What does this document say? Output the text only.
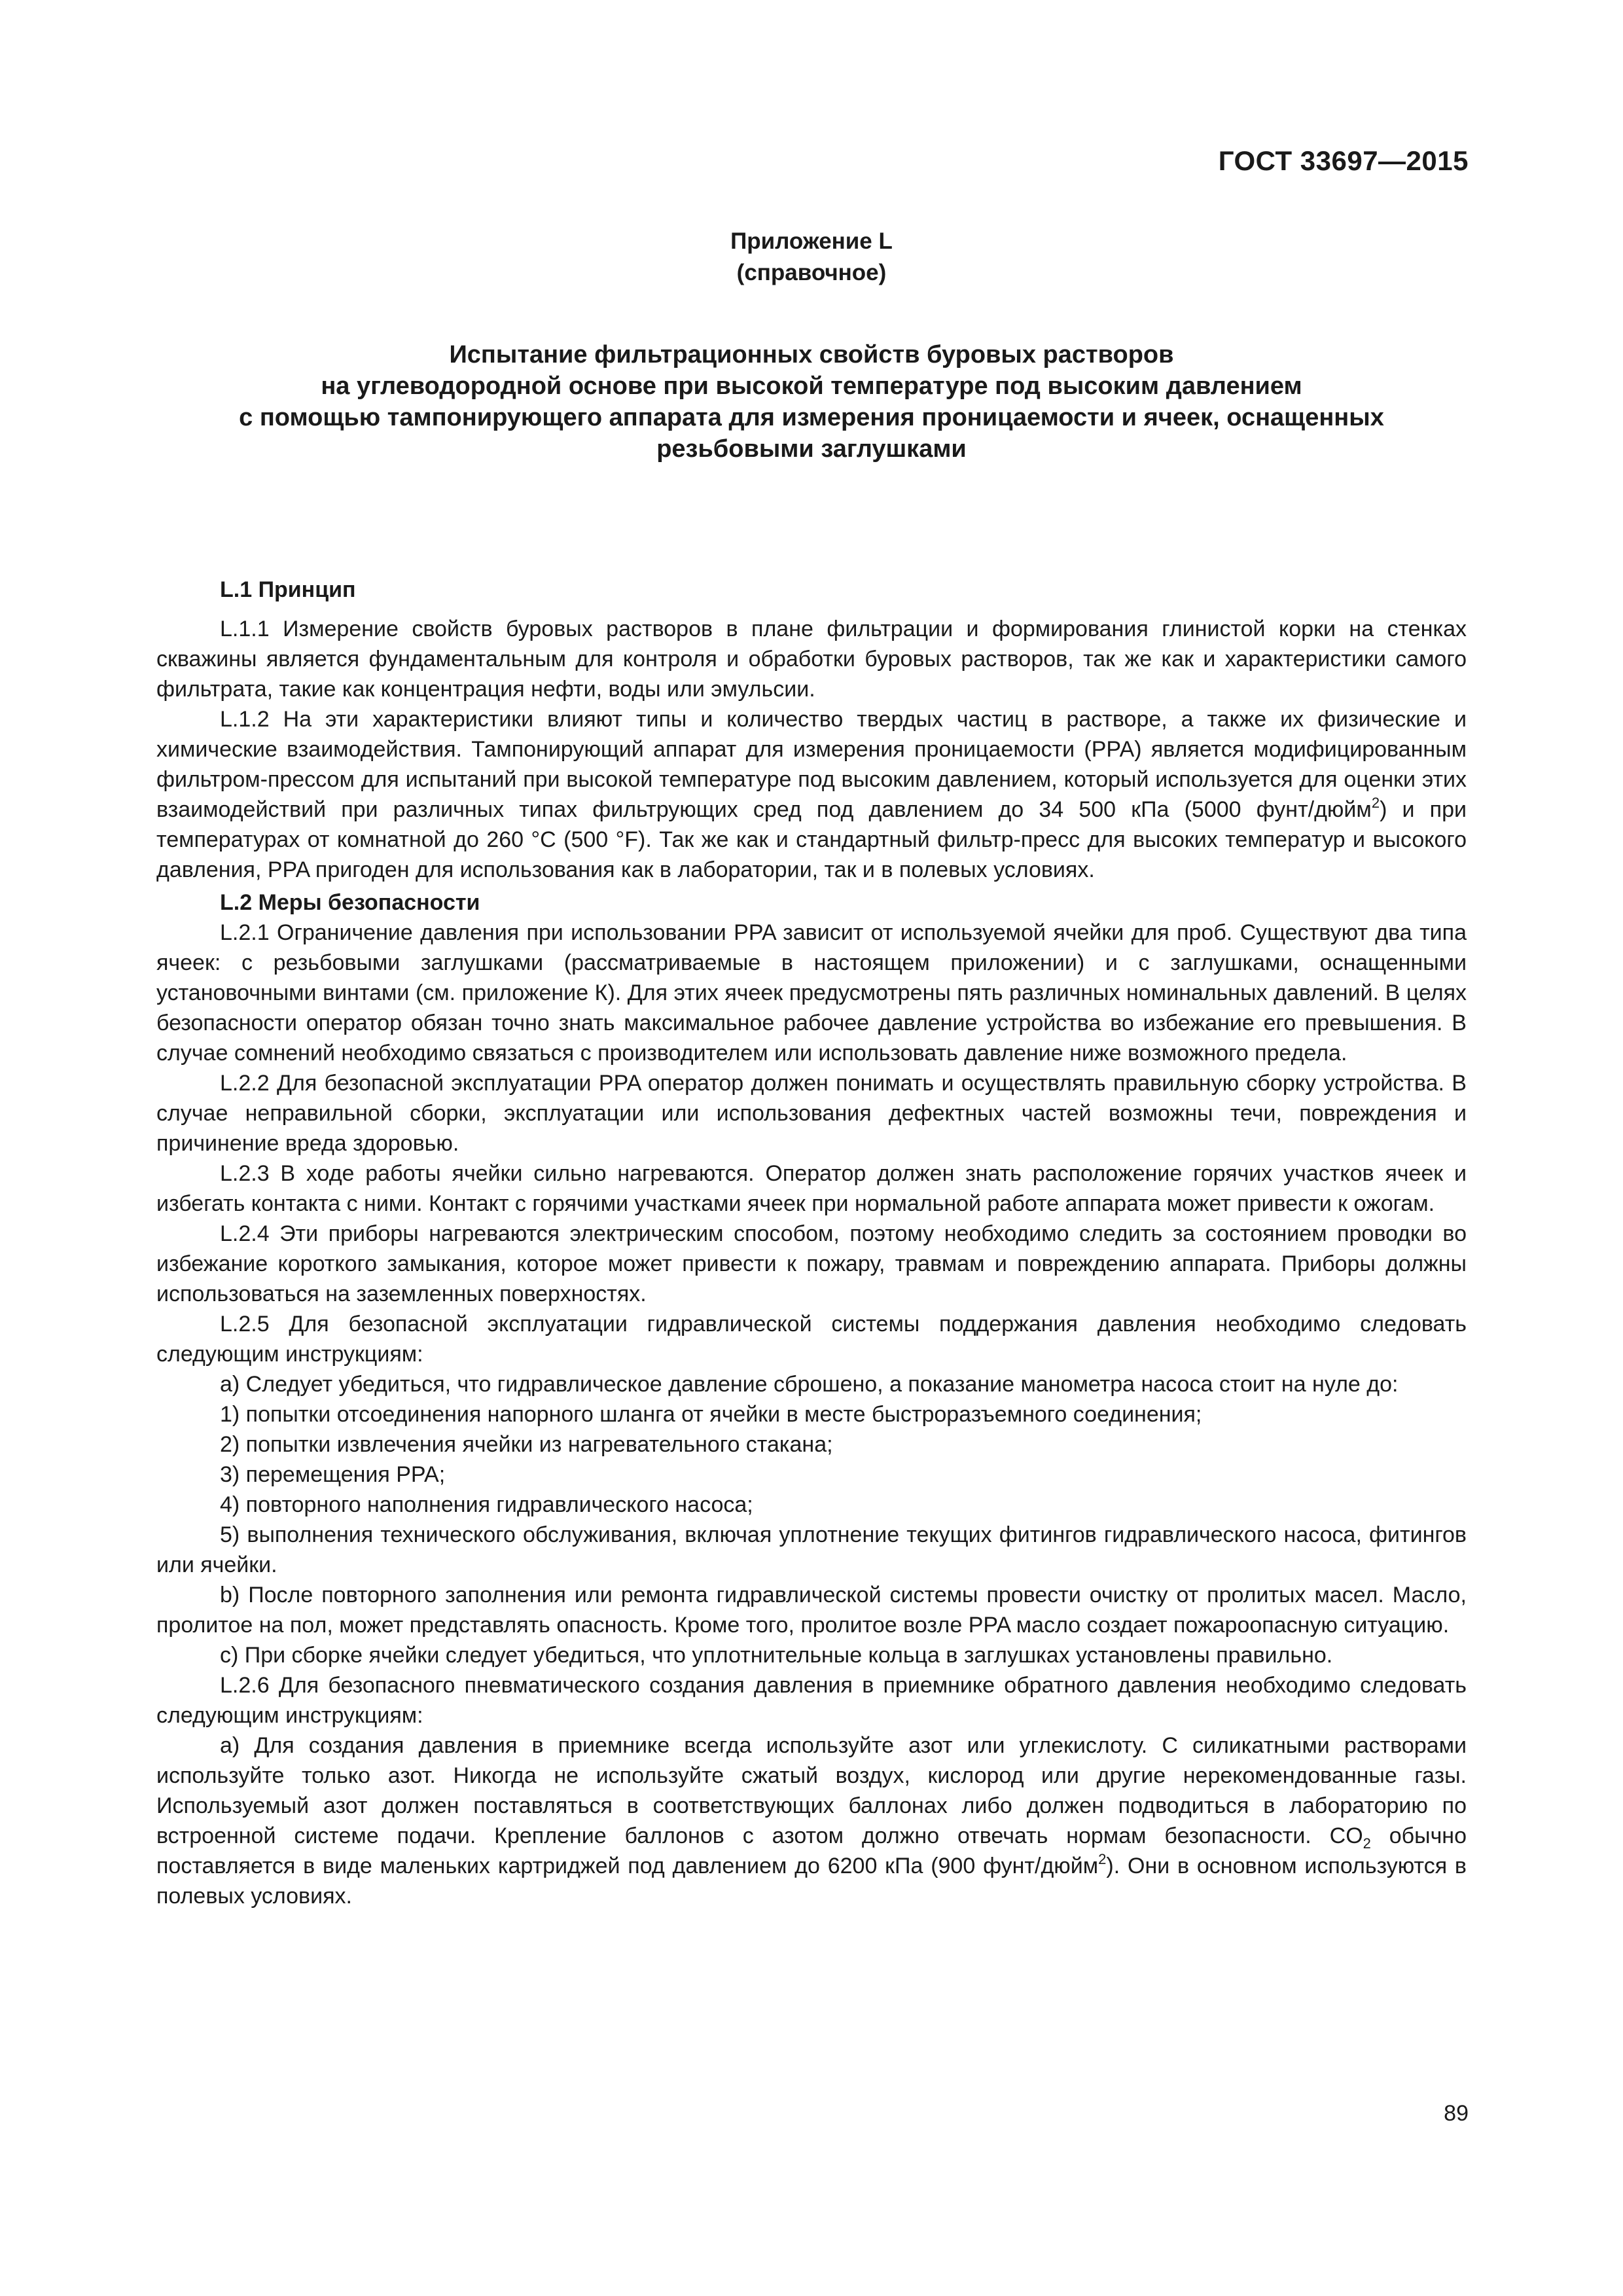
ГОСТ 33697—2015
Приложение L
(справочное)
Испытание фильтрационных свойств буровых растворов
на углеводородной основе при высокой температуре под высоким давлением
с помощью тампонирующего аппарата для измерения проницаемости и ячеек, оснащенных
резьбовыми заглушками
L.1 Принцип

L.1.1 Измерение свойств буровых растворов в плане фильтрации и формирования глинистой корки на стенках скважины является фундаментальным для контроля и обработки буровых растворов, так же как и характеристики самого фильтрата, такие как концентрация нефти, воды или эмульсии.

L.1.2 На эти характеристики влияют типы и количество твердых частиц в растворе, а также их физические и химические взаимодействия. Тампонирующий аппарат для измерения проницаемости (PPA) является модифицированным фильтром-прессом для испытаний при высокой температуре под высоким давлением, который используется для оценки этих взаимодействий при различных типах фильтрующих сред под давлением до 34 500 кПа (5000 фунт/дюйм$^2$) и при температурах от комнатной до 260 °С (500 °F). Так же как и стандартный фильтр-пресс для высоких температур и высокого давления, PPA пригоден для использования как в лаборатории, так и в полевых условиях.

L.2 Меры безопасности

L.2.1 Ограничение давления при использовании PPA зависит от используемой ячейки для проб. Существуют два типа ячеек: с резьбовыми заглушками (рассматриваемые в настоящем приложении) и с заглушками, оснащенными установочными винтами (см. приложение К). Для этих ячеек предусмотрены пять различных номинальных давлений. В целях безопасности оператор обязан точно знать максимальное рабочее давление устройства во избежание его превышения. В случае сомнений необходимо связаться с производителем или использовать давление ниже возможного предела.

L.2.2 Для безопасной эксплуатации PPA оператор должен понимать и осуществлять правильную сборку устройства. В случае неправильной сборки, эксплуатации или использования дефектных частей возможны течи, повреждения и причинение вреда здоровью.

L.2.3 В ходе работы ячейки сильно нагреваются. Оператор должен знать расположение горячих участков ячеек и избегать контакта с ними. Контакт с горячими участками ячеек при нормальной работе аппарата может привести к ожогам.

L.2.4 Эти приборы нагреваются электрическим способом, поэтому необходимо следить за состоянием проводки во избежание короткого замыкания, которое может привести к пожару, травмам и повреждению аппарата. Приборы должны использоваться на заземленных поверхностях.

L.2.5 Для безопасной эксплуатации гидравлической системы поддержания давления необходимо следовать следующим инструкциям:

а) Следует убедиться, что гидравлическое давление сброшено, а показание манометра насоса стоит на нуле до:

1) попытки отсоединения напорного шланга от ячейки в месте быстроразъемного соединения;

2) попытки извлечения ячейки из нагревательного стакана;

3) перемещения PPA;

4) повторного наполнения гидравлического насоса;

5) выполнения технического обслуживания, включая уплотнение текущих фитингов гидравлического насоса, фитингов или ячейки.

b) После повторного заполнения или ремонта гидравлической системы провести очистку от пролитых масел. Масло, пролитое на пол, может представлять опасность. Кроме того, пролитое возле PPA масло создает пожароопасную ситуацию.

с) При сборке ячейки следует убедиться, что уплотнительные кольца в заглушках установлены правильно.

L.2.6 Для безопасного пневматического создания давления в приемнике обратного давления необходимо следовать следующим инструкциям:

а) Для создания давления в приемнике всегда используйте азот или углекислоту. С силикатными растворами используйте только азот. Никогда не используйте сжатый воздух, кислород или другие нерекомендованные газы. Используемый азот должен поставляться в соответствующих баллонах либо должен подводиться в лабораторию по встроенной системе подачи. Крепление баллонов с азотом должно отвечать нормам безопасности. $CO_2$ обычно поставляется в виде маленьких картриджей под давлением до 6200 кПа (900 фунт/дюйм$^2$). Они в основном используются в полевых условиях.

89
